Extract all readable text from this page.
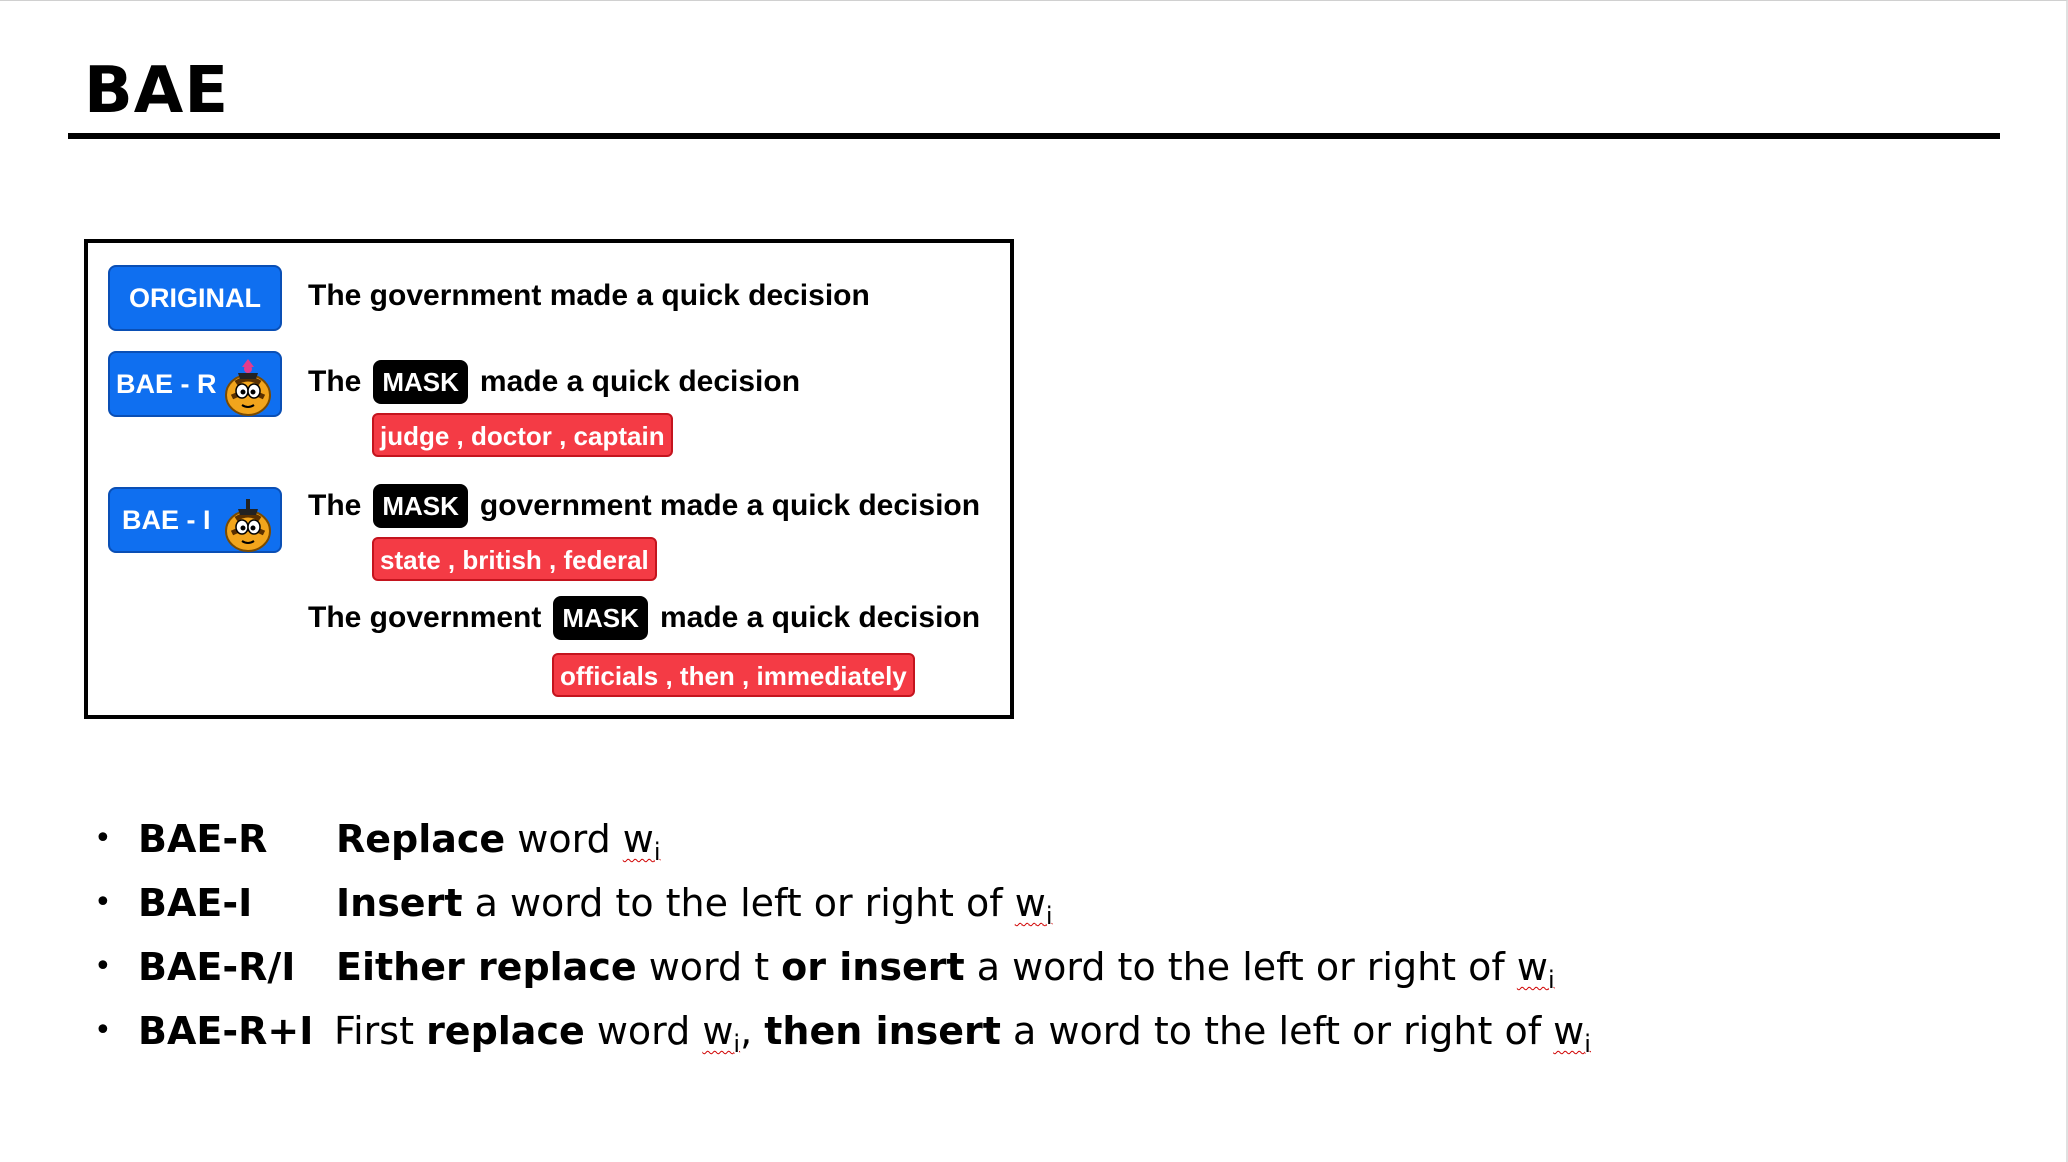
BAE
ORIGINAL The government made a quick decision
BAE - R	The MASK made a quick decision
judge , doctor , captain
BAE - I	The MASK government made a quick decision
state , british , federal
The government MASK made a quick decision
officials , then , immediately
• BAE-R Replace word $w_i$
• BAE-I Insert a word to the left or right of $w_i$
• BAE-R/I Either replace word t or insert a word to the left or right of $w_i$
• BAE-R+I First replace word $w_i$, then insert a word to the left or right of $w_i$
